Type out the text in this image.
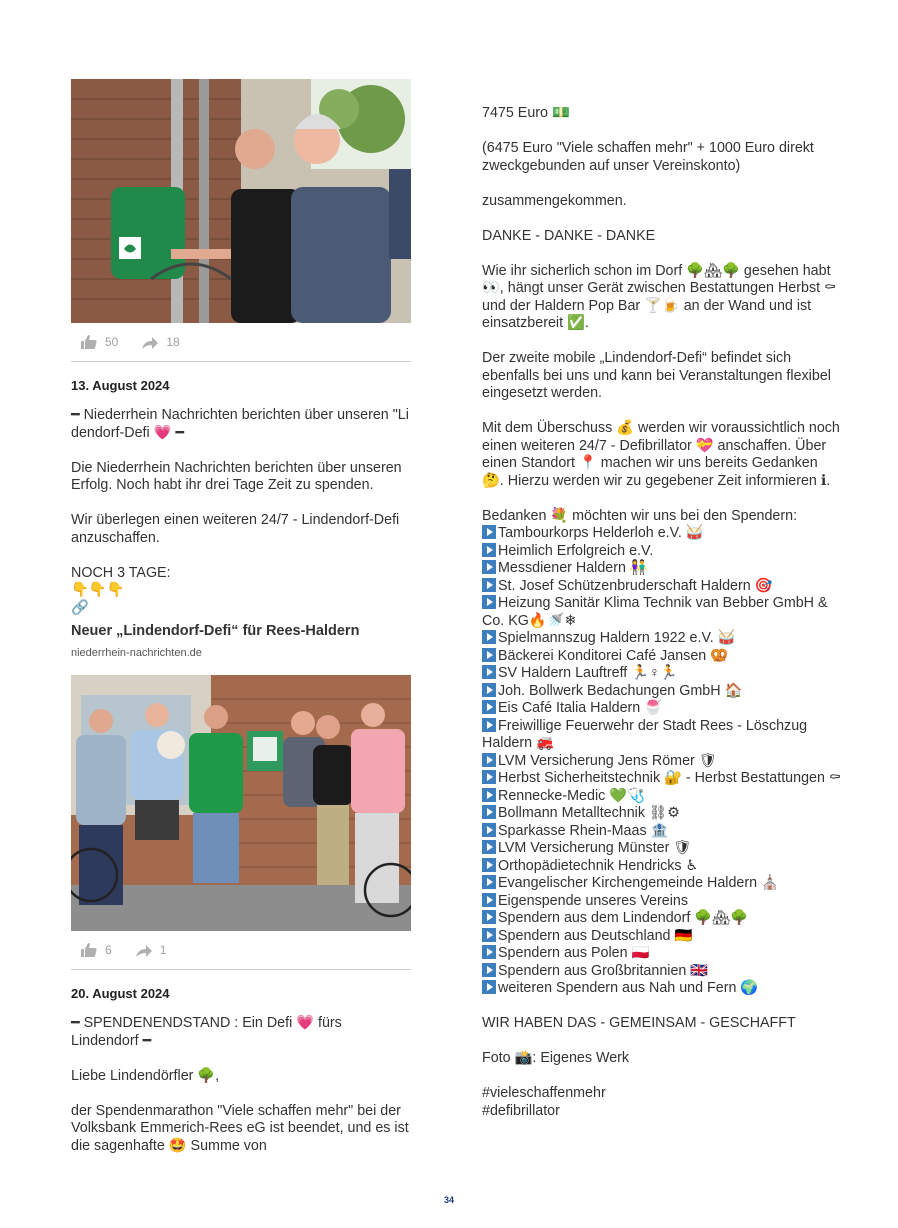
50	18
13. August 2024

━ Niederrhein Nachrichten berichten über unseren "Li dendorf-Defi 💗 ━

Die Niederrhein Nachrichten berichten über unseren Erfolg. Noch habt ihr drei Tage Zeit zu spenden.

Wir überlegen einen weiteren 24/7 - Lindendorf-Defi anzuschaffen.

NOCH 3 TAGE:
👇👇👇
🔗

Neuer „Lindendorf-Defi“ für Rees-Haldern
niederrhein-nachrichten.de
6	1
20. August 2024

━ SPENDENENDSTAND : Ein Defi 💗 fürs Lindendorf ━

Liebe Lindendörfler 🌳,

der Spendenmarathon "Viele schaffen mehr" bei der Volksbank Emmerich-Rees eG ist beendet, und es ist die sagenhafte 🤩 Summe von

7475 Euro 💵

(6475 Euro "Viele schaffen mehr" + 1000 Euro direkt zweckgebunden auf unser Vereinskonto)

zusammengekommen.

DANKE - DANKE - DANKE

Wie ihr sicherlich schon im Dorf 🌳🏘🌳 gesehen habt 👀, hängt unser Gerät zwischen Bestattungen Herbst ⚰ und der Haldern Pop Bar 🍸🍺 an der Wand und ist einsatzbereit ✅.

Der zweite mobile „Lindendorf-Defi“ befindet sich ebenfalls bei uns und kann bei Veranstaltungen flexibel eingesetzt werden.

Mit dem Überschuss 💰 werden wir voraussichtlich noch einen weiteren 24/7 - Defibrillator 💝 anschaffen. Über einen Standort 📍 machen wir uns bereits Gedanken 🤔. Hierzu werden wir zu gegebener Zeit informieren ℹ.

Bedanken 💐 möchten wir uns bei den Spendern:
Tambourkorps Helderloh e.V. 🥁
Heimlich Erfolgreich e.V.
Messdiener Haldern 👫
St. Josef Schützenbruderschaft Haldern 🎯
Heizung Sanitär Klima Technik van Bebber GmbH & Co. KG🔥🚿❄
Spielmannszug Haldern 1922 e.V. 🥁
Bäckerei Konditorei Café Jansen 🥨
SV Haldern Lauftreff 🏃♀🏃
Joh. Bollwerk Bedachungen GmbH 🏠
Eis Café Italia Haldern 🍧
Freiwillige Feuerwehr der Stadt Rees - Löschzug Haldern 🚒
LVM Versicherung Jens Römer 🛡
Herbst Sicherheitstechnik 🔐 - Herbst Bestattungen ⚰
Rennecke-Medic 💚🩺
Bollmann Metalltechnik ⛓⚙
Sparkasse Rhein-Maas 🏦
LVM Versicherung Münster 🛡
Orthopädietechnik Hendricks ♿
Evangelischer Kirchengemeinde Haldern ⛪
Eigenspende unseres Vereins
Spendern aus dem Lindendorf 🌳🏘🌳
Spendern aus Deutschland 🇩🇪
Spendern aus Polen 🇵🇱
Spendern aus Großbritannien 🇬🇧
weiteren Spendern aus Nah und Fern 🌍

WIR HABEN DAS - GEMEINSAM - GESCHAFFT

Foto 📸: Eigenes Werk

#vieleschaffenmehr
#defibrillator

34
